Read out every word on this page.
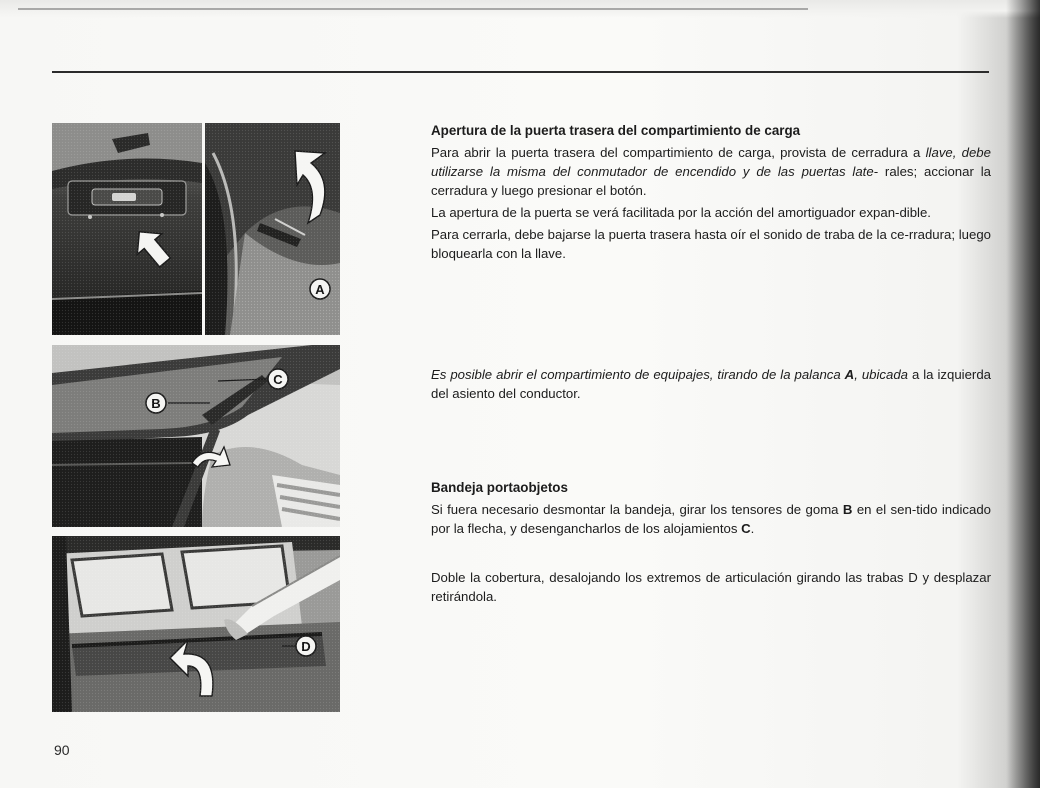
Apertura de la puerta trasera del compartimiento de carga

Para abrir la puerta trasera del compartimiento de carga, provista de cerradura a llave, debe utilizarse la misma del conmutador de encendido y de las puertas late- rales; accionar la cerradura y luego presionar el botón.

La apertura de la puerta se verá facilitada por la acción del amortiguador expan-dible.

Para cerrarla, debe bajarse la puerta trasera hasta oír el sonido de traba de la ce-rradura; luego bloquearla con la llave.

Es posible abrir el compartimiento de equipajes, tirando de la palanca A, ubicada a la izquierda del asiento del conductor.

Bandeja portaobjetos

Si fuera necesario desmontar la bandeja, girar los tensores de goma B en el sen-tido indicado por la flecha, y desengancharlos de los alojamientos C.

Doble la cobertura, desalojando los extremos de articulación girando las trabas D y desplazar retirándola.

90
